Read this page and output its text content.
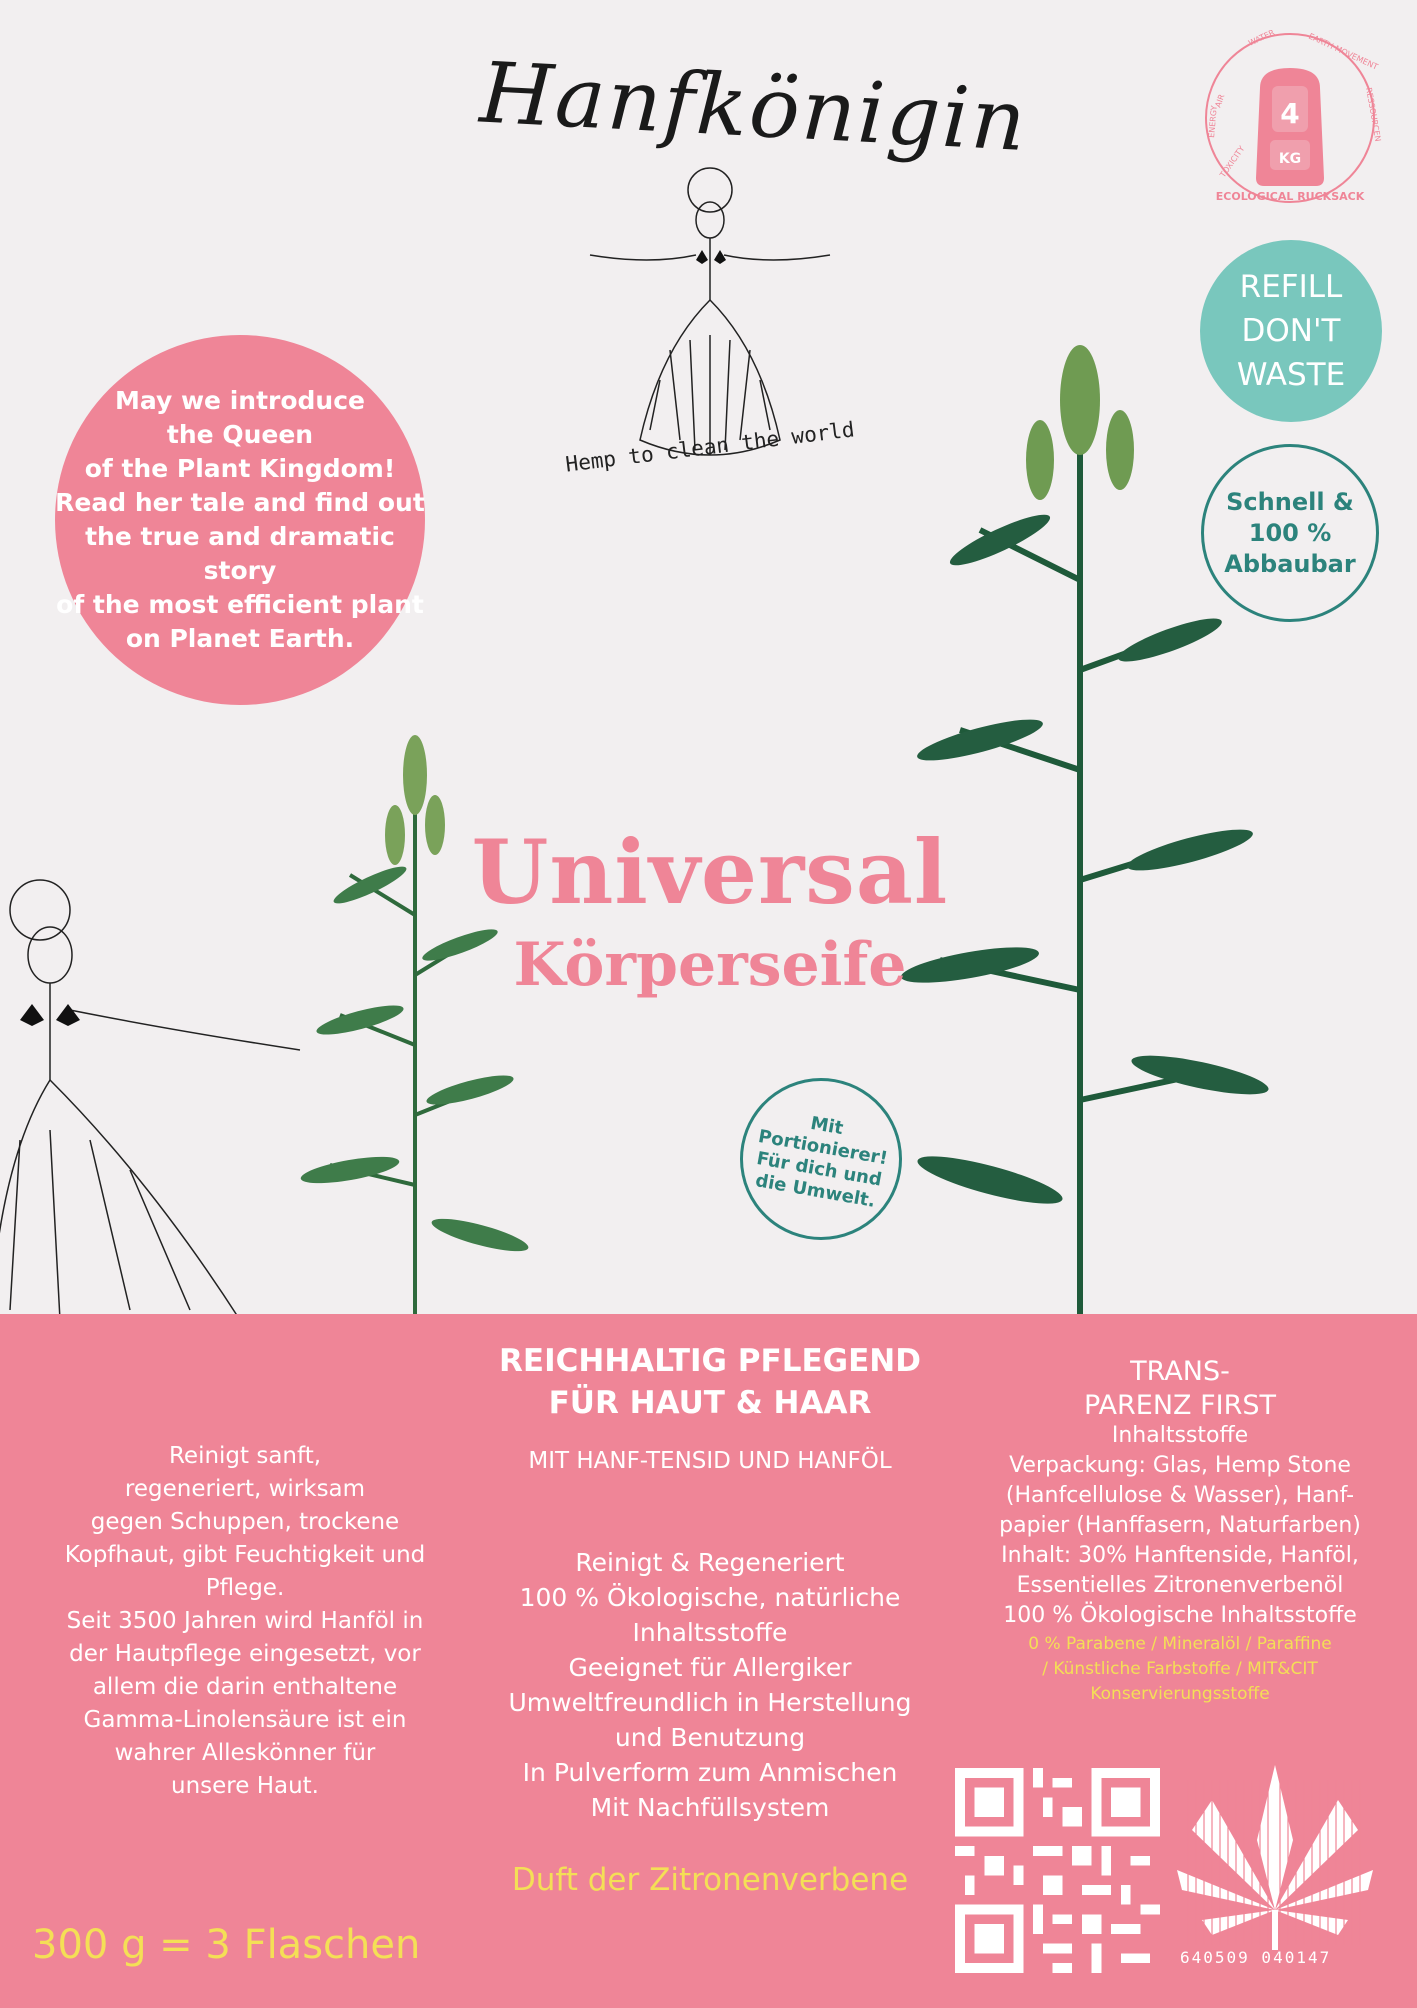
4
KG
ECOLOGICAL RUCKSACK
AIR
ENERGY
TOXICITY
WATER	EARTH MOVEMENT
RESSOURCEN
Hanfkönigin
Hemp to clean the world
May we introduce
the Queen
of the Plant Kingdom!
Read her tale and find out
the true and dramatic story
of the most efficient plant
on Planet Earth.
REFILL
DON'T
WASTE
Schnell &
100 %
Abbaubar
Universal
Körperseife
Mit
Portionierer!
Für dich und
die Umwelt.
Reinigt sanft,
regeneriert, wirksam
gegen Schuppen, trockene
Kopfhaut, gibt Feuchtigkeit und
Pflege.
Seit 3500 Jahren wird Hanföl in
der Hautpflege eingesetzt, vor
allem die darin enthaltene
Gamma-Linolensäure ist ein
wahrer Alleskönner für
unsere Haut.
REICHHALTIG PFLEGEND
FÜR HAUT & HAAR
MIT HANF-TENSID UND HANFÖL
Reinigt & Regeneriert
100 % Ökologische, natürliche
Inhaltsstoffe
Geeignet für Allergiker
Umweltfreundlich in Herstellung
und Benutzung
In Pulverform zum Anmischen
Mit Nachfüllsystem
Duft der Zitronenverbene
300 g = 3 Flaschen
TRANS-
PARENZ FIRST
Inhaltsstoffe
Verpackung: Glas, Hemp Stone
(Hanfcellulose & Wasser), Hanf-
papier (Hanffasern, Naturfarben)
Inhalt: 30% Hanftenside, Hanföl,
Essentielles Zitronenverbenöl
100 % Ökologische Inhaltsstoffe
0 % Parabene / Mineralöl / Paraffine
/ Künstliche Farbstoffe / MIT&CIT
Konservierungsstoffe
640509 040147
